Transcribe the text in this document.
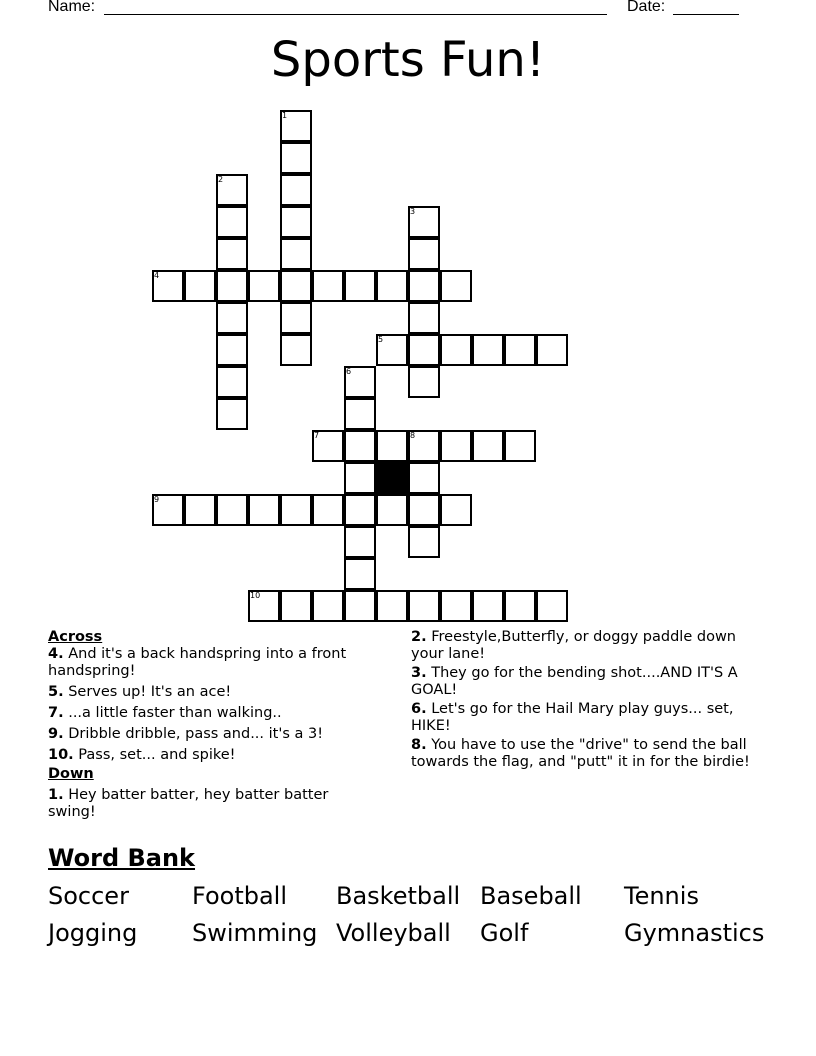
Name:	Date:
Sports Fun!
1
2
3
4
5
6
7	8
9
10
Across
4. And it's a back handspring into a front handspring!
5. Serves up! It's an ace!
7. ...a little faster than walking..
9. Dribble dribble, pass and... it's a 3!
10. Pass, set... and spike!
Down
1. Hey batter batter, hey batter batter swing!
2. Freestyle,Butterfly, or doggy paddle down your lane!
3. They go for the bending shot....AND IT'S A GOAL!
6. Let's go for the Hail Mary play guys... set, HIKE!
8. You have to use the "drive" to send the ball towards the flag, and "putt" it in for the birdie!
Word Bank
Soccer	Football Basketball Baseball Tennis
Jogging Swimming Volleyball Golf	Gymnastics
